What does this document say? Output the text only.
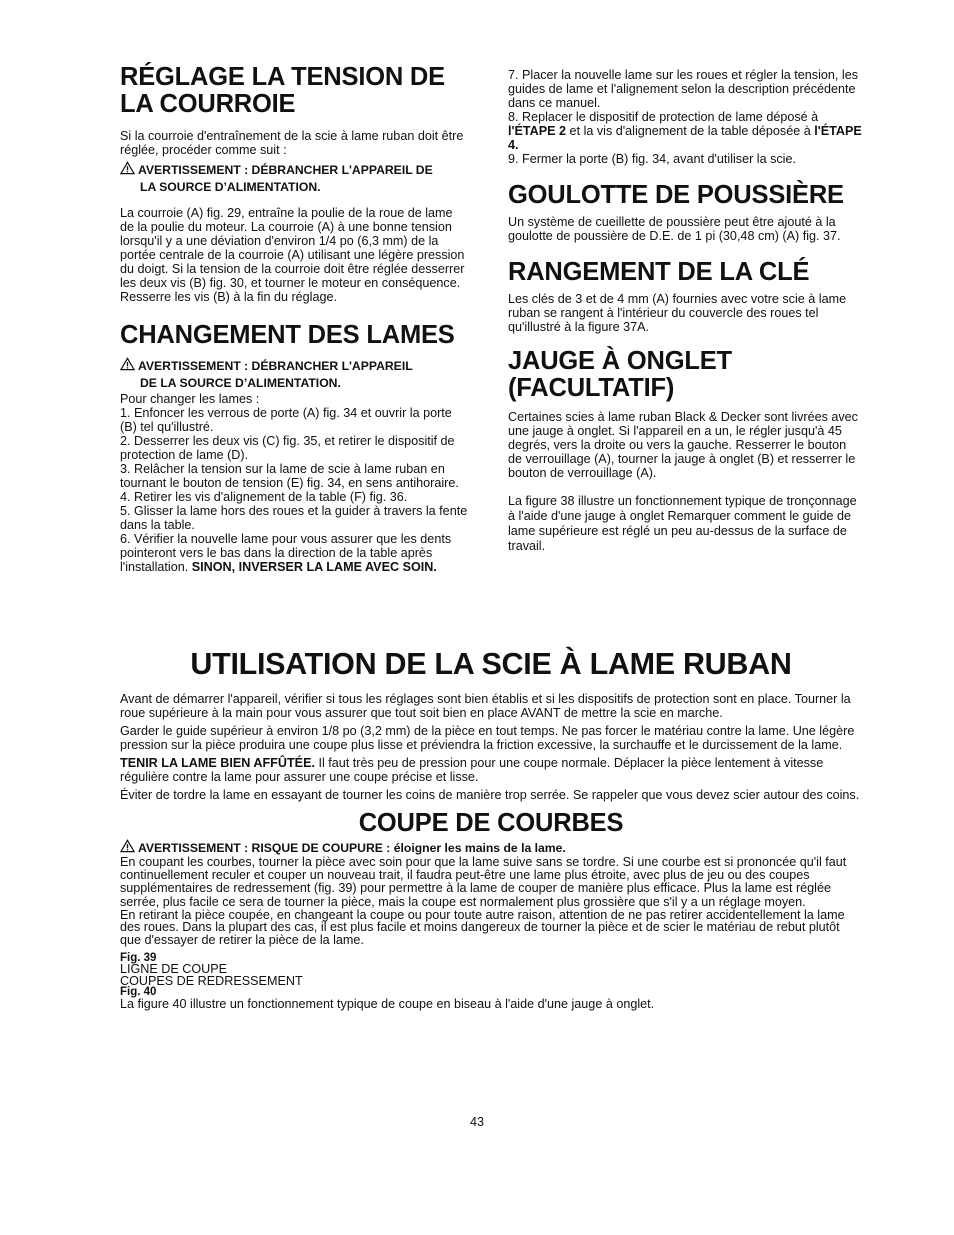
RÉGLAGE LA TENSION DE LA COURROIE

Si la courroie d'entraînement de la scie à lame ruban doit être réglée, procéder comme suit :

AVERTISSEMENT : DÉBRANCHER L'APPAREIL DE
LA SOURCE D’ALIMENTATION.

La courroie (A) fig. 29, entraîne la poulie de la roue de lame de la poulie du moteur. La courroie (A) à une bonne tension lorsqu'il y a une déviation d'environ 1/4 po (6,3 mm) de la portée centrale de la courroie (A) utilisant une légère pression du doigt. Si la tension de la courroie doit être réglée desserrer les deux vis (B) fig. 30, et tourner le moteur en conséquence. Resserre les vis (B) à la fin du réglage.

CHANGEMENT DES LAMES
AVERTISSEMENT : DÉBRANCHER L'APPAREIL
DE LA SOURCE D’ALIMENTATION.

Pour changer les lames :

1. Enfoncer les verrous de porte (A) fig. 34 et ouvrir la porte (B) tel qu'illustré.

2. Desserrer les deux vis (C) fig. 35, et retirer le dispositif de protection de lame (D).

3. Relâcher la tension sur la lame de scie à lame ruban en tournant le bouton de tension (E) fig. 34, en sens antihoraire.

4. Retirer les vis d'alignement de la table (F) fig. 36.

5. Glisser la lame hors des roues et la guider à travers la fente dans la table.

6. Vérifier la nouvelle lame pour vous assurer que les dents pointeront vers le bas dans la direction de la table après l'installation. SINON, INVERSER LA LAME AVEC SOIN.

7. Placer la nouvelle lame sur les roues et régler la tension, les guides de lame et l'alignement selon la description précédente dans ce manuel.

8. Replacer le dispositif de protection de lame déposé à l'ÉTAPE 2 et la vis d'alignement de la table déposée à l'ÉTAPE 4.

9. Fermer la porte (B) fig. 34, avant d'utiliser la scie.

GOULOTTE DE POUSSIÈRE

Un système de cueillette de poussière peut être ajouté à la goulotte de poussière de D.E. de 1 pi (30,48 cm) (A) fig. 37.

RANGEMENT DE LA CLÉ

Les clés de 3 et de 4 mm (A) fournies avec votre scie à lame ruban se rangent à l'intérieur du couvercle des roues tel qu'illustré à la figure 37A.

JAUGE À ONGLET (FACULTATIF)

Certaines scies à lame ruban Black & Decker sont livrées avec une jauge à onglet. Si l'appareil en a un, le régler jusqu'à 45 degrés, vers la droite ou vers la gauche. Resserrer le bouton de verrouillage (A), tourner la jauge à onglet (B) et resserrer le bouton de verrouillage (A).

La figure 38 illustre un fonctionnement typique de tronçonnage à l'aide d'une jauge à onglet Remarquer comment le guide de lame supérieure est réglé un peu au-dessus de la surface de travail.

UTILISATION DE LA SCIE À LAME RUBAN

Avant de démarrer l'appareil, vérifier si tous les réglages sont bien établis et si les dispositifs de protection sont en place. Tourner la roue supérieure à la main pour vous assurer que tout soit bien en place AVANT de mettre la scie en marche.

Garder le guide supérieur à environ 1/8 po (3,2 mm) de la pièce en tout temps. Ne pas forcer le matériau contre la lame. Une légère pression sur la pièce produira une coupe plus lisse et préviendra la friction excessive, la surchauffe et le durcissement de la lame.

TENIR LA LAME BIEN AFFÛTÉE. Il faut très peu de pression pour une coupe normale. Déplacer la pièce lentement à vitesse régulière contre la lame pour assurer une coupe précise et lisse.

Éviter de tordre la lame en essayant de tourner les coins de manière trop serrée. Se rappeler que vous devez scier autour des coins.

COUPE DE COURBES
AVERTISSEMENT : RISQUE DE COUPURE : éloigner les mains de la lame.

En coupant les courbes, tourner la pièce avec soin pour que la lame suive sans se tordre. Si une courbe est si prononcée qu'il faut continuellement reculer et couper un nouveau trait, il faudra peut-être une lame plus étroite, avec plus de jeu ou des coupes supplémentaires de redressement (fig. 39) pour permettre à la lame de couper de manière plus efficace. Plus la lame est réglée serrée, plus facile ce sera de tourner la pièce, mais la coupe est normalement plus grossière que s'il y a un réglage moyen.

En retirant la pièce coupée, en changeant la coupe ou pour toute autre raison, attention de ne pas retirer accidentellement la lame des roues. Dans la plupart des cas, il est plus facile et moins dangereux de tourner la pièce et de scier le matériau de rebut plutôt que d'essayer de retirer la pièce de la lame.

Fig. 39

LIGNE DE COUPE

COUPES DE REDRESSEMENT

Fig. 40

La figure 40 illustre un fonctionnement typique de coupe en biseau à l'aide d'une jauge à onglet.

43
